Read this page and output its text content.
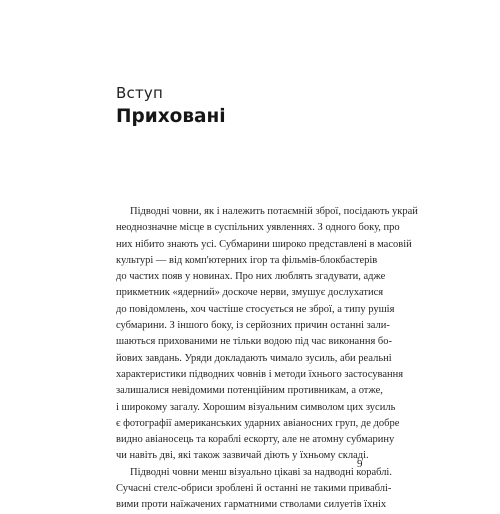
Вступ
Приховані
Підводні човни, як і належить потаємній зброї, посідають украй
неоднозначне місце в суспільних уявленнях. З одного боку, про
них нібито знають усі. Субмарини широко представлені в масовій
культурі — від комп'ютерних ігор та фільмів-блокбастерів
до частих появ у новинах. Про них люблять згадувати, адже
прикметник «ядерний» доскоче нерви, змушує дослухатися
до повідомлень, хоч частіше стосується не зброї, а типу рушія
субмарини. З іншого боку, із серйозних причин останні зали-
шаються прихованими не тільки водою під час виконання бо-
йових завдань. Уряди докладають чимало зусиль, аби реальні
характеристики підводних човнів і методи їхнього застосування
залишалися невідомими потенційним противникам, а отже,
і широкому загалу. Хорошим візуальним символом цих зусиль
є фотографії американських ударних авіаносних груп, де добре
видно авіаносець та кораблі ескорту, але не атомну субмарину
чи навіть дві, які також зазвичай діють у їхньому складі.
Підводні човни менш візуально цікаві за надводні кораблі.
Сучасні стелс-обриси зроблені й останні не такими приваблі-
вими проти наїжачених гарматними стволами силуетів їхніх
9
